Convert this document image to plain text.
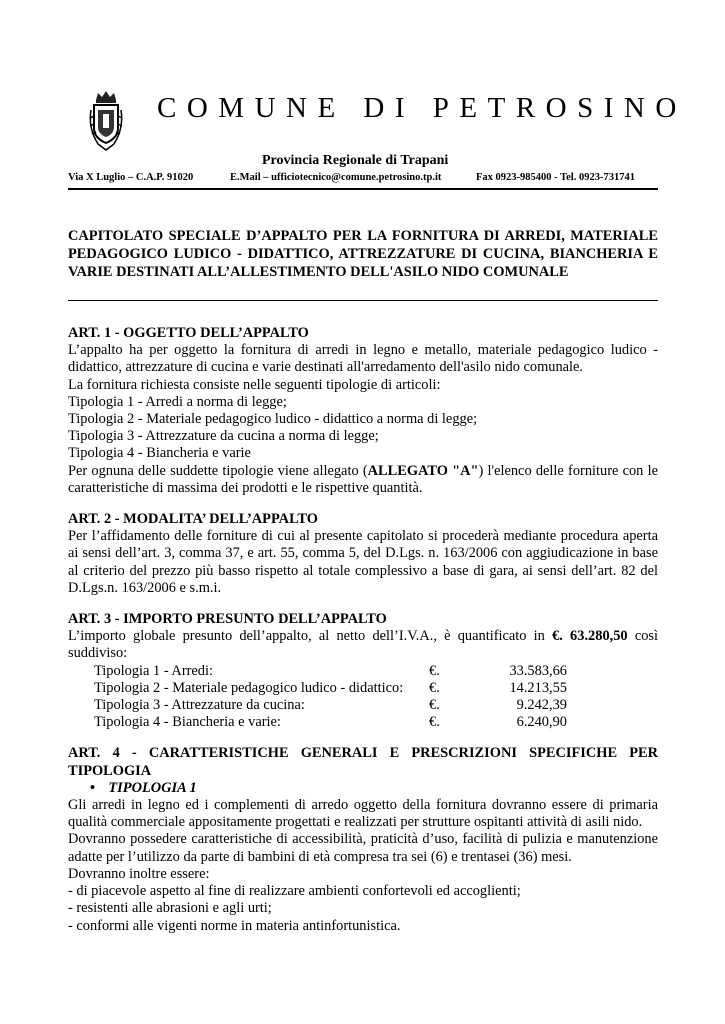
COMUNE DI PETROSINO
Provincia Regionale di Trapani
Via X Luglio – C.A.P. 91020	E.Mail – ufficiotecnico@comune.petrosino.tp.it	Fax 0923-985400 - Tel. 0923-731741
CAPITOLATO SPECIALE D’APPALTO PER LA FORNITURA DI ARREDI, MATERIALE PEDAGOGICO LUDICO - DIDATTICO, ATTREZZATURE DI CUCINA, BIANCHERIA E VARIE DESTINATI ALL’ALLESTIMENTO DELL'ASILO NIDO COMUNALE

ART. 1 - OGGETTO DELL’APPALTO

L’appalto ha per oggetto la fornitura di arredi in legno e metallo, materiale pedagogico ludico - didattico, attrezzature di cucina e varie destinati all'arredamento dell'asilo nido comunale.

La fornitura richiesta consiste nelle seguenti tipologie di articoli:

Tipologia 1 - Arredi a norma di legge;

Tipologia 2 - Materiale pedagogico ludico - didattico a norma di legge;

Tipologia 3 - Attrezzature da cucina a norma di legge;

Tipologia 4 - Biancheria e varie

Per ognuna delle suddette tipologie viene allegato (ALLEGATO "A") l'elenco delle forniture con le caratteristiche di massima dei prodotti e le rispettive quantità.

ART. 2 - MODALITA’ DELL’APPALTO

Per l’affidamento delle forniture di cui al presente capitolato si procederà mediante procedura aperta ai sensi dell’art. 3, comma 37, e art. 55, comma 5, del D.Lgs. n. 163/2006 con aggiudicazione in base al criterio del prezzo più basso rispetto al totale complessivo a base di gara, ai sensi dell’art. 82 del D.Lgs.n. 163/2006 e s.m.i.

ART. 3 - IMPORTO PRESUNTO DELL’APPALTO

L’importo globale presunto dell’appalto, al netto dell’I.V.A., è quantificato in €. 63.280,50 così suddiviso:

Tipologia 1 - Arredi:	€.	33.583,66
Tipologia 2 - Materiale pedagogico ludico - didattico:	€.	14.213,55
Tipologia 3 - Attrezzature da cucina:	€.	9.242,39
Tipologia 4 - Biancheria e varie:	€.	6.240,90

ART. 4 - CARATTERISTICHE GENERALI E PRESCRIZIONI SPECIFICHE PER TIPOLOGIA

• TIPOLOGIA 1

Gli arredi in legno ed i complementi di arredo oggetto della fornitura dovranno essere di primaria qualità commerciale appositamente progettati e realizzati per strutture ospitanti attività di asili nido.

Dovranno possedere caratteristiche di accessibilità, praticità d’uso, facilità di pulizia e manutenzione adatte per l’utilizzo da parte di bambini di età compresa tra sei (6) e trentasei (36) mesi.

Dovranno inoltre essere:

- di piacevole aspetto al fine di realizzare ambienti confortevoli ed accoglienti;

- resistenti alle abrasioni e agli urti;

- conformi alle vigenti norme in materia antinfortunistica.
